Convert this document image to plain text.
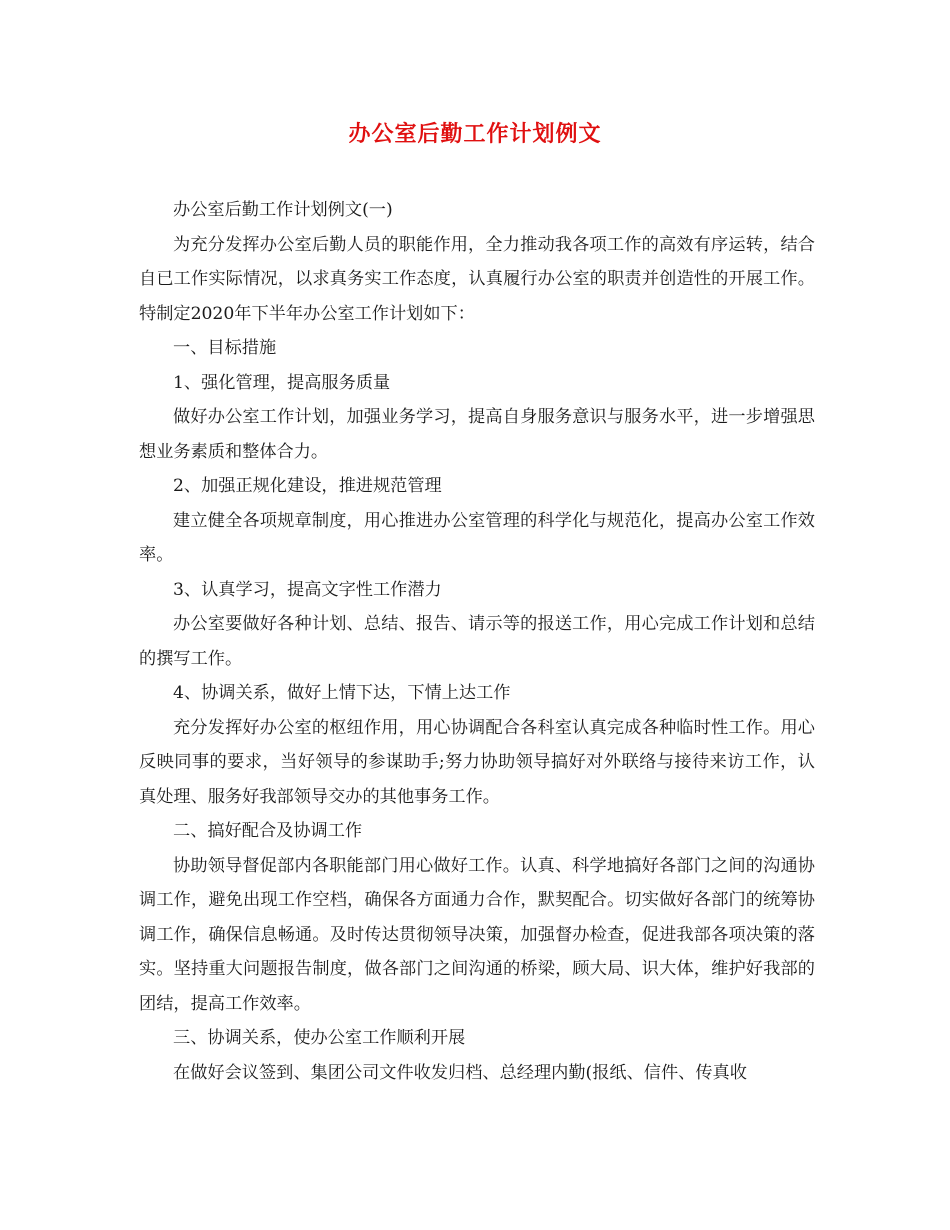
办公室后勤工作计划例文

办公室后勤工作计划例文(一)

为充分发挥办公室后勤人员的职能作用，全力推动我各项工作的高效有序运转，结合自已工作实际情况，以求真务实工作态度，认真履行办公室的职责并创造性的开展工作。特制定2020年下半年办公室工作计划如下：

一、目标措施

1、强化管理，提高服务质量

做好办公室工作计划，加强业务学习，提高自身服务意识与服务水平，进一步增强思想业务素质和整体合力。

2、加强正规化建设，推进规范管理

建立健全各项规章制度，用心推进办公室管理的科学化与规范化，提高办公室工作效率。

3、认真学习，提高文字性工作潜力

办公室要做好各种计划、总结、报告、请示等的报送工作，用心完成工作计划和总结的撰写工作。

4、协调关系，做好上情下达，下情上达工作

充分发挥好办公室的枢纽作用，用心协调配合各科室认真完成各种临时性工作。用心反映同事的要求，当好领导的参谋助手;努力协助领导搞好对外联络与接待来访工作，认真处理、服务好我部领导交办的其他事务工作。

二、搞好配合及协调工作

协助领导督促部内各职能部门用心做好工作。认真、科学地搞好各部门之间的沟通协调工作，避免出现工作空档，确保各方面通力合作，默契配合。切实做好各部门的统筹协调工作，确保信息畅通。及时传达贯彻领导决策，加强督办检查，促进我部各项决策的落实。坚持重大问题报告制度，做各部门之间沟通的桥梁，顾大局、识大体，维护好我部的团结，提高工作效率。

三、协调关系，使办公室工作顺利开展

在做好会议签到、集团公司文件收发归档、总经理内勤(报纸、信件、传真收
